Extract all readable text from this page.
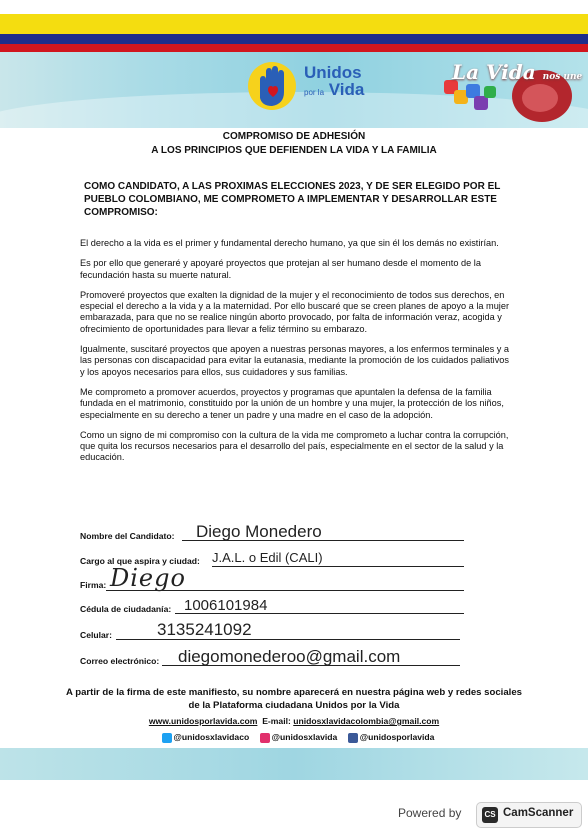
Unidos
por la Vida
La Vida nos une

COMPROMISO DE ADHESIÓN

A LOS PRINCIPIOS QUE DEFIENDEN LA VIDA Y LA FAMILIA

COMO CANDIDATO, A LAS PROXIMAS ELECCIONES 2023, Y DE SER ELEGIDO POR EL PUEBLO COLOMBIANO, ME COMPROMETO A IMPLEMENTAR Y DESARROLLAR ESTE COMPROMISO:

El derecho a la vida es el primer y fundamental derecho humano, ya que sin él los demás no existirían.

Es por ello que generaré y apoyaré proyectos que protejan al ser humano desde el momento de la fecundación hasta su muerte natural.

Promoveré proyectos que exalten la dignidad de la mujer y el reconocimiento de todos sus derechos, en especial el derecho a la vida y a la maternidad. Por ello buscaré que se creen planes de apoyo a la mujer embarazada, para que no se realice ningún aborto provocado, por falta de información veraz, acogida y ofrecimiento de oportunidades para llevar a feliz término su embarazo.

Igualmente, suscitaré proyectos que apoyen a nuestras personas mayores, a los enfermos terminales y a las personas con discapacidad para evitar la eutanasia, mediante la promoción de los cuidados paliativos y los apoyos necesarios para ellos, sus cuidadores y sus familias.

Me comprometo a promover acuerdos, proyectos y programas que apuntalen la defensa de la familia fundada en el matrimonio, constituido por la unión de un hombre y una mujer, la protección de los niños, especialmente en su derecho a tener un padre y una madre en el caso de la adopción.

Como un signo de mi compromiso con la cultura de la vida me comprometo a luchar contra la corrupción, que quita los recursos necesarios para el desarrollo del país, especialmente en el sector de la salud y la educación.

Nombre del Candidato: Diego Monedero
Cargo al que aspira y ciudad: J.A.L. o Edil (CALI)
Firma: Diego
Cédula de ciudadanía: 1006101984
Celular:	3135241092
Correo electrónico: diegomonederoo@gmail.com
A partir de la firma de este manifiesto, su nombre aparecerá en nuestra página web y redes sociales de la Plataforma ciudadana Unidos por la Vida
www.unidosporlavida.com E-mail: unidosxlavidacolombia@gmail.com
@unidosxlavidaco	@unidosxlavida	@unidosporlavida
Powered by	CS CamScanner
